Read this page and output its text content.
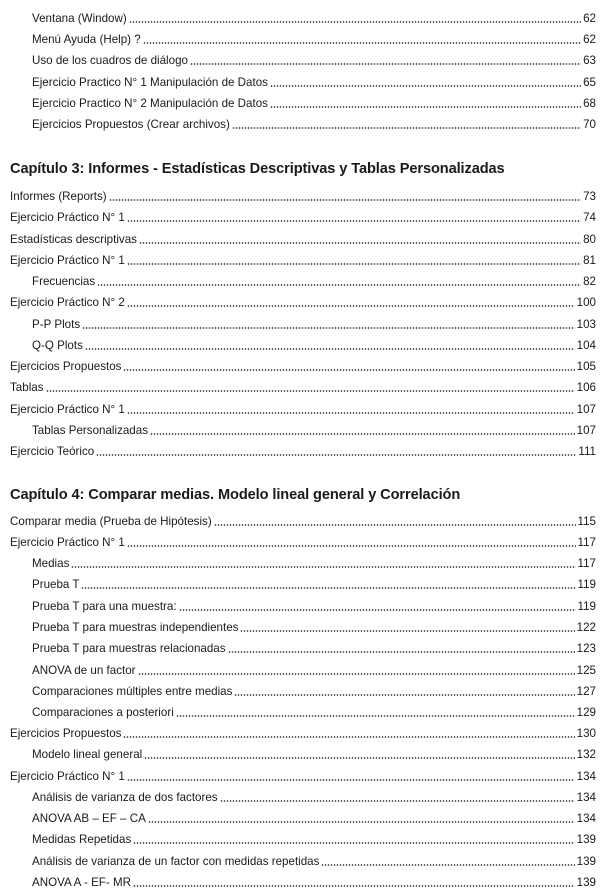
Ventana (Window)	62
Menú Ayuda (Help) ?	62
Uso de los cuadros de diálogo	63
Ejercicio Practico N° 1 Manipulación de Datos	65
Ejercicio Practico N° 2 Manipulación de Datos	68
Ejercicios Propuestos (Crear archivos)	70
Capítulo 3: Informes - Estadísticas Descriptivas y Tablas Personalizadas
Informes (Reports)	73
Ejercicio Práctico N° 1	74
Estadísticas descriptivas	80
Ejercicio Práctico N° 1	81
Frecuencias	82
Ejercicio Práctico N° 2	100
P-P Plots	103
Q-Q Plots	104
Ejercicios Propuestos	105
Tablas	106
Ejercicio Práctico N° 1	107
Tablas Personalizadas	107
Ejercicio Teórico	111
Capítulo 4: Comparar medias. Modelo lineal general y Correlación
Comparar media (Prueba de Hipótesis)	115
Ejercicio Práctico N° 1	117
Medias	117
Prueba T	119
Prueba T para una muestra:	119
Prueba T para muestras independientes	122
Prueba T para muestras relacionadas	123
ANOVA de un factor	125
Comparaciones múltiples entre medias	127
Comparaciones a posteriori	129
Ejercicios Propuestos	130
Modelo lineal general	132
Ejercicio Práctico N° 1	134
Análisis de varianza de dos factores	134
ANOVA AB – EF – CA	134
Medidas Repetidas	139
Análisis de varianza de un factor con medidas repetidas	139
ANOVA A - EF- MR	139
